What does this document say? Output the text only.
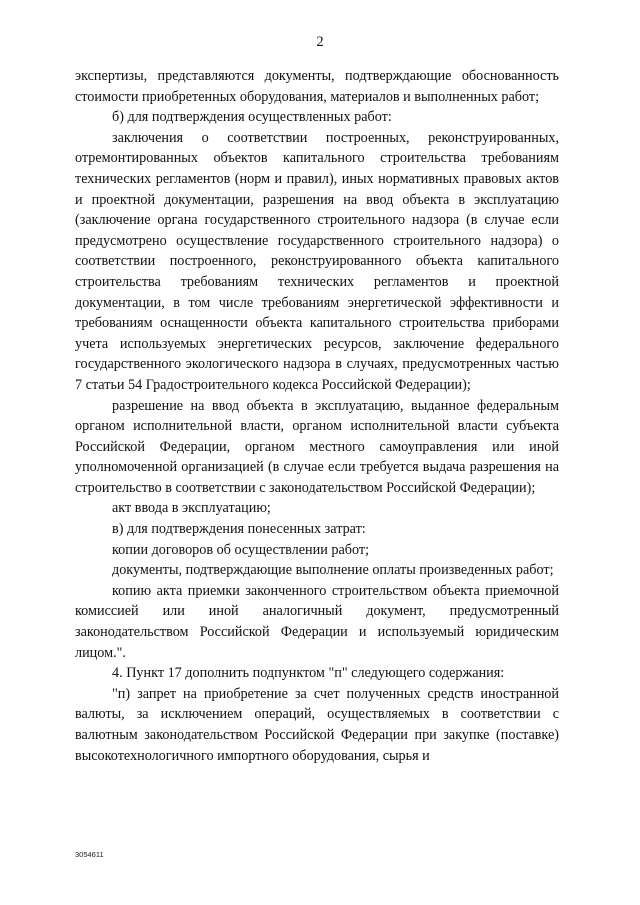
2

экспертизы, представляются документы, подтверждающие обоснованность стоимости приобретенных оборудования, материалов и выполненных работ;

б) для подтверждения осуществленных работ:

заключения о соответствии построенных, реконструированных, отремонтированных объектов капитального строительства требованиям технических регламентов (норм и правил), иных нормативных правовых актов и проектной документации, разрешения на ввод объекта в эксплуатацию (заключение органа государственного строительного надзора (в случае если предусмотрено осуществление государственного строительного надзора) о соответствии построенного, реконструированного объекта капитального строительства требованиям технических регламентов и проектной документации, в том числе требованиям энергетической эффективности и требованиям оснащенности объекта капитального строительства приборами учета используемых энергетических ресурсов, заключение федерального государственного экологического надзора в случаях, предусмотренных частью 7 статьи 54 Градостроительного кодекса Российской Федерации);

разрешение на ввод объекта в эксплуатацию, выданное федеральным органом исполнительной власти, органом исполнительной власти субъекта Российской Федерации, органом местного самоуправления или иной уполномоченной организацией (в случае если требуется выдача разрешения на строительство в соответствии с законодательством Российской Федерации);

акт ввода в эксплуатацию;

в) для подтверждения понесенных затрат:

копии договоров об осуществлении работ;

документы, подтверждающие выполнение оплаты произведенных работ;

копию акта приемки законченного строительством объекта приемочной комиссией или иной аналогичный документ, предусмотренный законодательством Российской Федерации и используемый юридическим лицом.".

4. Пункт 17 дополнить подпунктом "п" следующего содержания:

"п) запрет на приобретение за счет полученных средств иностранной валюты, за исключением операций, осуществляемых в соответствии с валютным законодательством Российской Федерации при закупке (поставке) высокотехнологичного импортного оборудования, сырья и

3054611
